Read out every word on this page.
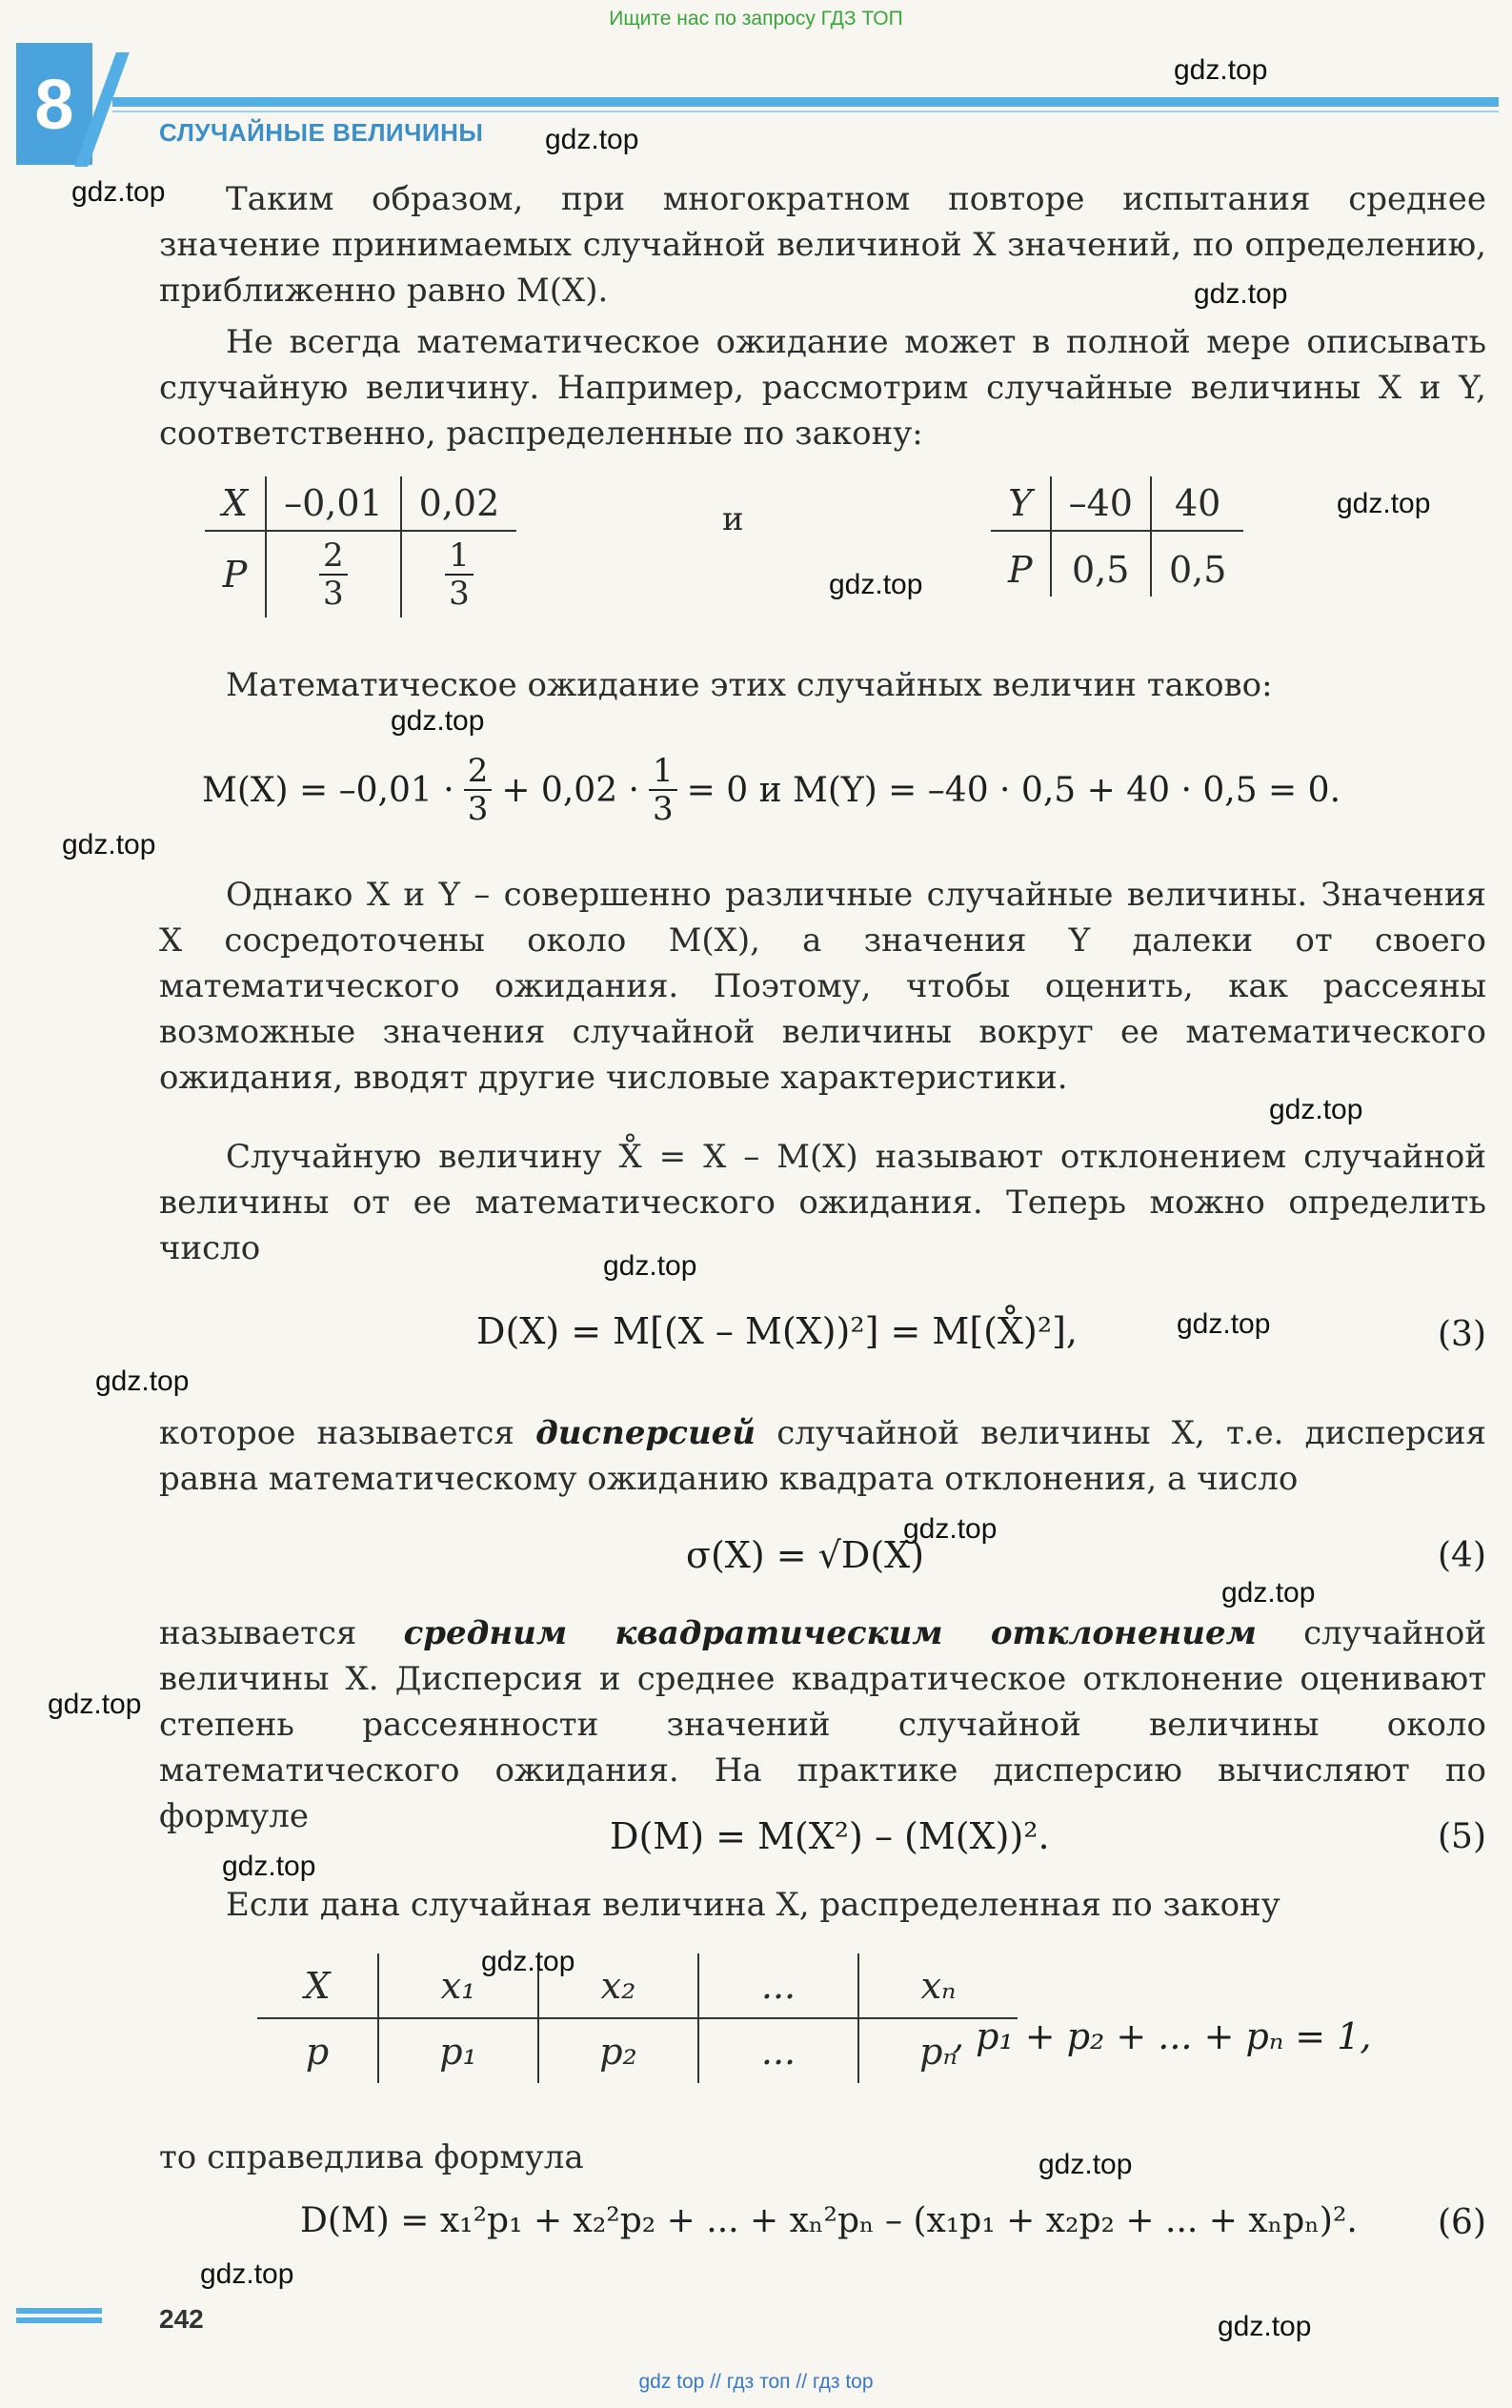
Ищите нас по запросу ГДЗ ТОП
8	СЛУЧАЙНЫЕ ВЕЛИЧИНЫ
Таким образом, при многократном повторе испытания среднее значение принимаемых случайной величиной X значений, по определению, приближенно равно M(X).
Не всегда математическое ожидание может в полной мере описывать случайную величину. Например, рассмотрим случайные величины X и Y, соответственно, распределенные по закону:
X	–0,01	0,02
P	$\frac{2}{3}$	$\frac{1}{3}$
и	Y	–40	40
P	0,5	0,5
Математическое ожидание этих случайных величин таково:
$M(X) = -0,01 \cdot \frac{2}{3} + 0,02 \cdot \frac{1}{3} = 0$ и M(Y) = –40 · 0,5 + 40 · 0,5 = 0.
Однако X и Y – совершенно различные случайные величины. Значения X сосредоточены около M(X), а значения Y далеки от своего математического ожидания. Поэтому, чтобы оценить, как рассеяны возможные значения случайной величины вокруг ее математического ожидания, вводят другие числовые характеристики.
Случайную величину X̊ = X – M(X) называют отклонением случайной величины от ее математического ожидания. Теперь можно определить число
D(X) = M[(X – M(X))²] = M[(X̊)²],	(3)
которое называется дисперсией случайной величины X, т.е. дисперсия равна математическому ожиданию квадрата отклонения, а число
σ(X) = √D(X)	(4)
называется средним квадратическим отклонением случайной величины X. Дисперсия и среднее квадратическое отклонение оценивают степень рассеянности значений случайной величины около математического ожидания. На практике дисперсию вычисляют по формуле	D(M) = M(X²) – (M(X))².	(5)
Если дана случайная величина X, распределенная по закону
X	x₁	x₂	...	xₙ
p	p₁	p₂	...	pₙ
, p₁ + p₂ + ... + pₙ = 1,
то справедлива формула
D(M) = x₁²p₁ + x₂²p₂ + ... + xₙ²pₙ – (x₁p₁ + x₂p₂ + ... + xₙpₙ)². (6)
242
gdz.top
gdz.top
gdz.top
gdz.top
gdz.top
gdz.top
gdz.top
gdz.top
gdz.top
gdz.top
gdz.top
gdz.top
gdz.top
gdz.top
gdz.top
gdz.top
gdz.top
gdz.top
gdz.top
gdz.top
gdz top // гдз топ // гдз top
